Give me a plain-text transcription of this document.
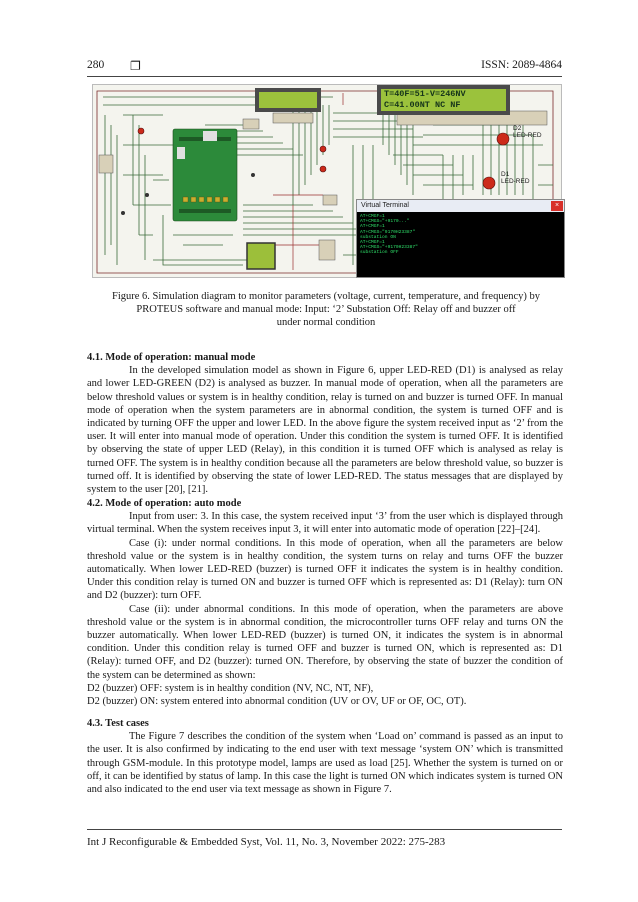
280 ❐	ISSN: 2089-4864
T=40F=51-V=246NV
C=41.00NT NC NF
D2
LED-RED
D1
LED-RED
Virtual Terminal	×
AT+CMGF=1
AT+CMGS="+9170..."
AT+CMGF=1
AT+CMGS="9170H23387"
substation ON
AT+CMGF=1
AT+CMGS="+9170H23387"
substation OFF
Figure 6. Simulation diagram to monitor parameters (voltage, current, temperature, and frequency) by
PROTEUS software and manual mode: Input: ‘2’ Substation Off: Relay off and buzzer off
under normal condition

4.1. Mode of operation: manual mode

In the developed simulation model as shown in Figure 6, upper LED-RED (D1) is analysed as relay and lower LED-GREEN (D2) is analysed as buzzer. In manual mode of operation, when all the parameters are below threshold values or system is in healthy condition, relay is turned on and buzzer is turned OFF. In manual mode of operation when the system parameters are in abnormal condition, the system is turned OFF and is indicated by turning OFF the upper and lower LED. In the above figure the system received input as ‘2’ from the user. It will enter into manual mode of operation. Under this condition the system is turned OFF. It is identified by observing the state of upper LED (Relay), in this condition it is turned OFF which is analysed as relay is turned OFF. The system is in healthy condition because all the parameters are below threshold value, so buzzer is turned off. It is identified by observing the state of lower LED-RED. The status messages that are displayed by system to the user [20], [21].

4.2. Mode of operation: auto mode

Input from user: 3. In this case, the system received input ‘3’ from the user which is displayed through virtual terminal. When the system receives input 3, it will enter into automatic mode of operation [22]–[24].

Case (i): under normal conditions. In this mode of operation, when all the parameters are below threshold value or the system is in healthy condition, the system turns on relay and turns OFF the buzzer automatically. When lower LED-RED (buzzer) is turned OFF it indicates the system is in healthy condition. Under this condition relay is turned ON and buzzer is turned OFF which is represented as: D1 (Relay): turn ON and D2 (buzzer): turn OFF.

Case (ii): under abnormal conditions. In this mode of operation, when the parameters are above threshold value or the system is in abnormal condition, the microcontroller turns OFF relay and turns ON the buzzer automatically. When lower LED-RED (buzzer) is turned ON, it indicates the system is in abnormal condition. Under this condition relay is turned OFF and buzzer is turned ON, which is represented as: D1 (Relay): turned OFF, and D2 (buzzer): turned ON. Therefore, by observing the state of buzzer the condition of the system can be determined as shown:

D2 (buzzer) OFF: system is in healthy condition (NV, NC, NT, NF),

D2 (buzzer) ON: system entered into abnormal condition (UV or OV, UF or OF, OC, OT).

4.3. Test cases

The Figure 7 describes the condition of the system when ‘Load on’ command is passed as an input to the user. It is also confirmed by indicating to the end user with text message ‘system ON’ which is transmitted through GSM-module. In this prototype model, lamps are used as load [25]. Whether the system is turned on or off, it can be identified by status of lamp. In this case the light is turned ON which indicates system is turned ON and also indicated to the end user via text message as shown in Figure 7.

Int J Reconfigurable & Embedded Syst, Vol. 11, No. 3, November 2022: 275-283
